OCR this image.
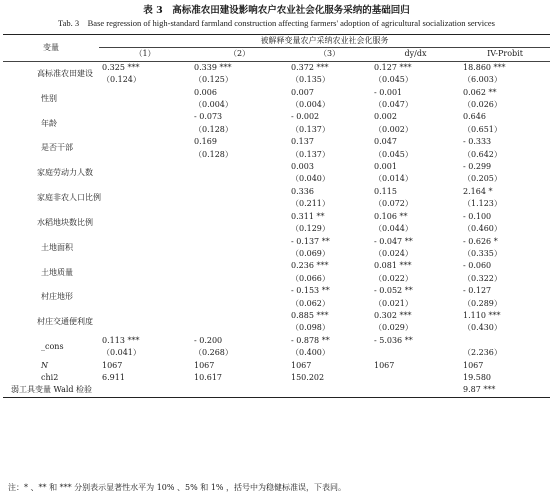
表 3　高标准农田建设影响农户农业社会化服务采纳的基础回归
Tab. 3　Base regression of high-standard farmland construction affecting farmers' adoption of agricultural socialization services
变量	被解释变量农户采纳农业社会化服务				
	（1）	（2）	（3）	dy/dx	IV-Probit
高标准农田建设	0.325 ***	0.339 ***	0.372 ***	0.127 ***	18.860 ***
	（0.124）	（0.125）	（0.135）	（0.045）	（6.003）
性别		0.006	0.007	- 0.001	0.062 **
		（0.004）	（0.004）	（0.047）	（0.026）
年龄		- 0.073	- 0.002	0.002	0.646
		（0.128）	（0.137）	（0.002）	（0.651）
是否干部		0.169	0.137	0.047	- 0.333
		（0.128）	（0.137）	（0.045）	（0.642）
家庭劳动力人数			0.003	0.001	- 0.299
			（0.040）	（0.014）	（0.205）
家庭非农人口比例			0.336	0.115	2.164 *
			（0.211）	（0.072）	（1.123）
水稻地块数比例			0.311 **	0.106 **	- 0.100
			（0.129）	（0.044）	（0.460）
土地面积			- 0.137 **	- 0.047 **	- 0.626 *
			（0.069）	（0.024）	（0.335）
土地质量			0.236 ***	0.081 ***	- 0.060
			（0.066）	（0.022）	（0.322）
村庄地形			- 0.153 **	- 0.052 **	- 0.127
			（0.062）	（0.021）	（0.289）
村庄交通便利度			0.885 ***	0.302 ***	1.110 ***
			（0.098）	（0.029）	（0.430）
_cons	0.113 ***	- 0.200	- 0.878 **	- 5.036 **	
	（0.041）	（0.268）	（0.400）		（2.236）
N	1067	1067	1067	1067	1067
chi2	6.911	10.617	150.202		19.580
弱工具变量 Wald 检验					9.87 ***
注：* 、** 和 *** 分别表示显著性水平为 10% 、5% 和 1% ，括号中为稳健标准误，下表同。
